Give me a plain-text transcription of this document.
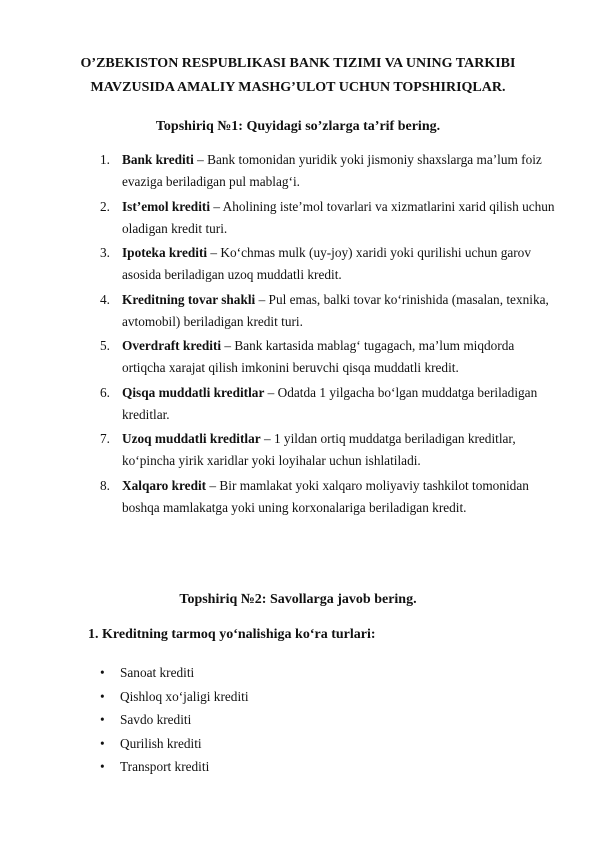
O’ZBEKISTON RESPUBLIKASI BANK TIZIMI VA UNING TARKIBI
MAVZUSIDA AMALIY MASHG’ULOT UCHUN TOPSHIRIQLAR.
Topshiriq №1: Quyidagi so’zlarga ta’rif bering.
1. Bank krediti – Bank tomonidan yuridik yoki jismoniy shaxslarga ma’lum foiz evaziga beriladigan pul mablag‘i.
2. Ist’emol krediti – Aholining iste’mol tovarlari va xizmatlarini xarid qilish uchun oladigan kredit turi.
3. Ipoteka krediti – Ko‘chmas mulk (uy-joy) xaridi yoki qurilishi uchun garov asosida beriladigan uzoq muddatli kredit.
4. Kreditning tovar shakli – Pul emas, balki tovar ko‘rinishida (masalan, texnika, avtomobil) beriladigan kredit turi.
5. Overdraft krediti – Bank kartasida mablag‘ tugagach, ma’lum miqdorda ortiqcha xarajat qilish imkonini beruvchi qisqa muddatli kredit.
6. Qisqa muddatli kreditlar – Odatda 1 yilgacha bo‘lgan muddatga beriladigan kreditlar.
7. Uzoq muddatli kreditlar – 1 yildan ortiq muddatga beriladigan kreditlar, ko‘pincha yirik xaridlar yoki loyihalar uchun ishlatiladi.
8. Xalqaro kredit – Bir mamlakat yoki xalqaro moliyaviy tashkilot tomonidan boshqa mamlakatga yoki uning korxonalariga beriladigan kredit.
Topshiriq №2: Savollarga javob bering.
1. Kreditning tarmoq yo‘nalishiga ko‘ra turlari:
• Sanoat krediti
• Qishloq xo‘jaligi krediti
• Savdo krediti
• Qurilish krediti
• Transport krediti
